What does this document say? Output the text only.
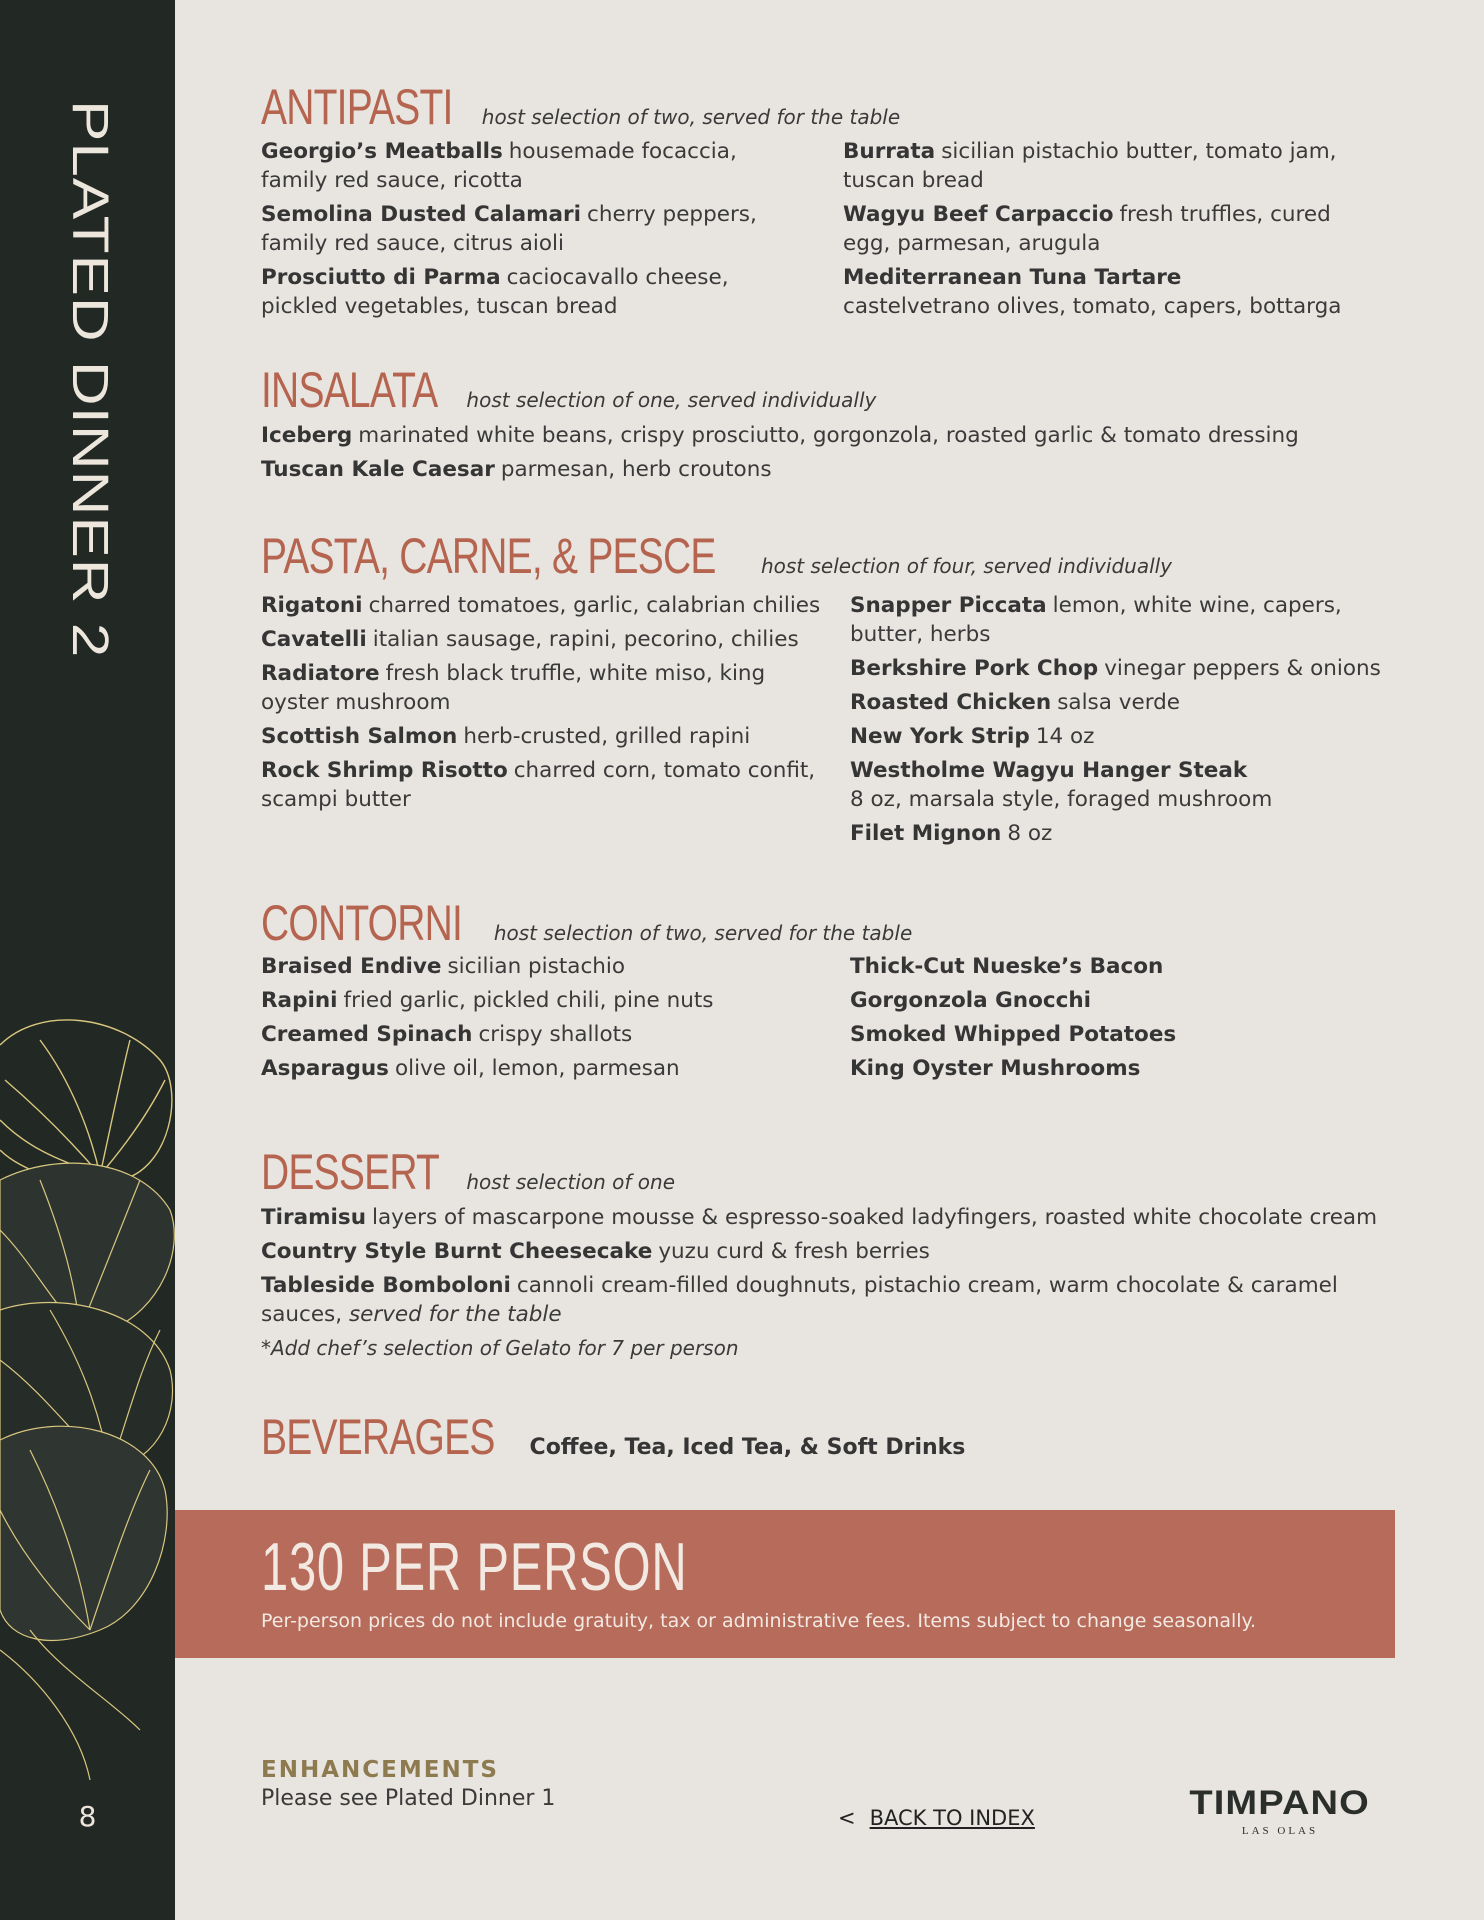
PLATED DINNER 2
8
ANTIPASTI host selection of two, served for the table
Georgio’s Meatballs housemade focaccia, family red sauce, ricotta
Semolina Dusted Calamari cherry peppers, family red sauce, citrus aioli
Prosciutto di Parma caciocavallo cheese, pickled vegetables, tuscan bread
Burrata sicilian pistachio butter, tomato jam, tuscan bread
Wagyu Beef Carpaccio fresh truffles, cured egg, parmesan, arugula
Mediterranean Tuna Tartare
castelvetrano olives, tomato, capers, bottarga
INSALATA host selection of one, served individually
Iceberg marinated white beans, crispy prosciutto, gorgonzola, roasted garlic & tomato dressing
Tuscan Kale Caesar parmesan, herb croutons
PASTA, CARNE, & PESCE host selection of four, served individually
Rigatoni charred tomatoes, garlic, calabrian chilies
Cavatelli italian sausage, rapini, pecorino, chilies
Radiatore fresh black truffle, white miso, king oyster mushroom
Scottish Salmon herb-crusted, grilled rapini
Rock Shrimp Risotto charred corn, tomato confit, scampi butter
Snapper Piccata lemon, white wine, capers, butter, herbs
Berkshire Pork Chop vinegar peppers & onions
Roasted Chicken salsa verde
New York Strip 14 oz
Westholme Wagyu Hanger Steak
8 oz, marsala style, foraged mushroom
Filet Mignon 8 oz
CONTORNI host selection of two, served for the table
Braised Endive sicilian pistachio
Rapini fried garlic, pickled chili, pine nuts
Creamed Spinach crispy shallots
Asparagus olive oil, lemon, parmesan
Thick-Cut Nueske’s Bacon
Gorgonzola Gnocchi
Smoked Whipped Potatoes
King Oyster Mushrooms
DESSERT host selection of one
Tiramisu layers of mascarpone mousse & espresso-soaked ladyfingers, roasted white chocolate cream
Country Style Burnt Cheesecake yuzu curd & fresh berries
Tableside Bomboloni cannoli cream-filled doughnuts, pistachio cream, warm chocolate & caramel sauces, served for the table
*Add chef’s selection of Gelato for 7 per person
BEVERAGES Coffee, Tea, Iced Tea, & Soft Drinks
130 PER PERSON
Per-person prices do not include gratuity, tax or administrative fees. Items subject to change seasonally.
ENHANCEMENTS
Please see Plated Dinner 1
< BACK TO INDEX	TIMPANO
LAS OLAS
